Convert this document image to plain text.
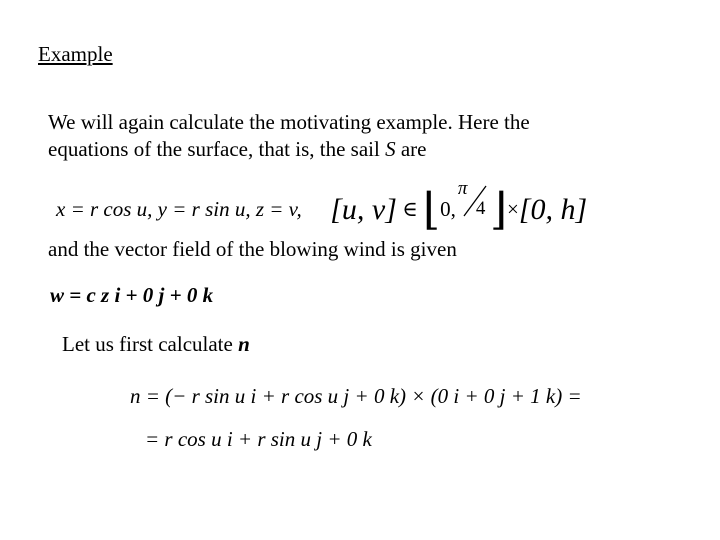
Example
We will again calculate the motivating example. Here the
equations of the surface, that is, the sail S are
x = r cos u, y = r sin u, z = v, [u, v] ∈ ⌊0,
π
4 ⌋×[0, h]
and the vector field of the blowing wind is given
w = c z i + 0 j + 0 k
Let us first calculate n
n = (− r sin u i + r cos u j + 0 k) × (0 i + 0 j + 1 k) =
= r cos u i + r sin u j + 0 k
